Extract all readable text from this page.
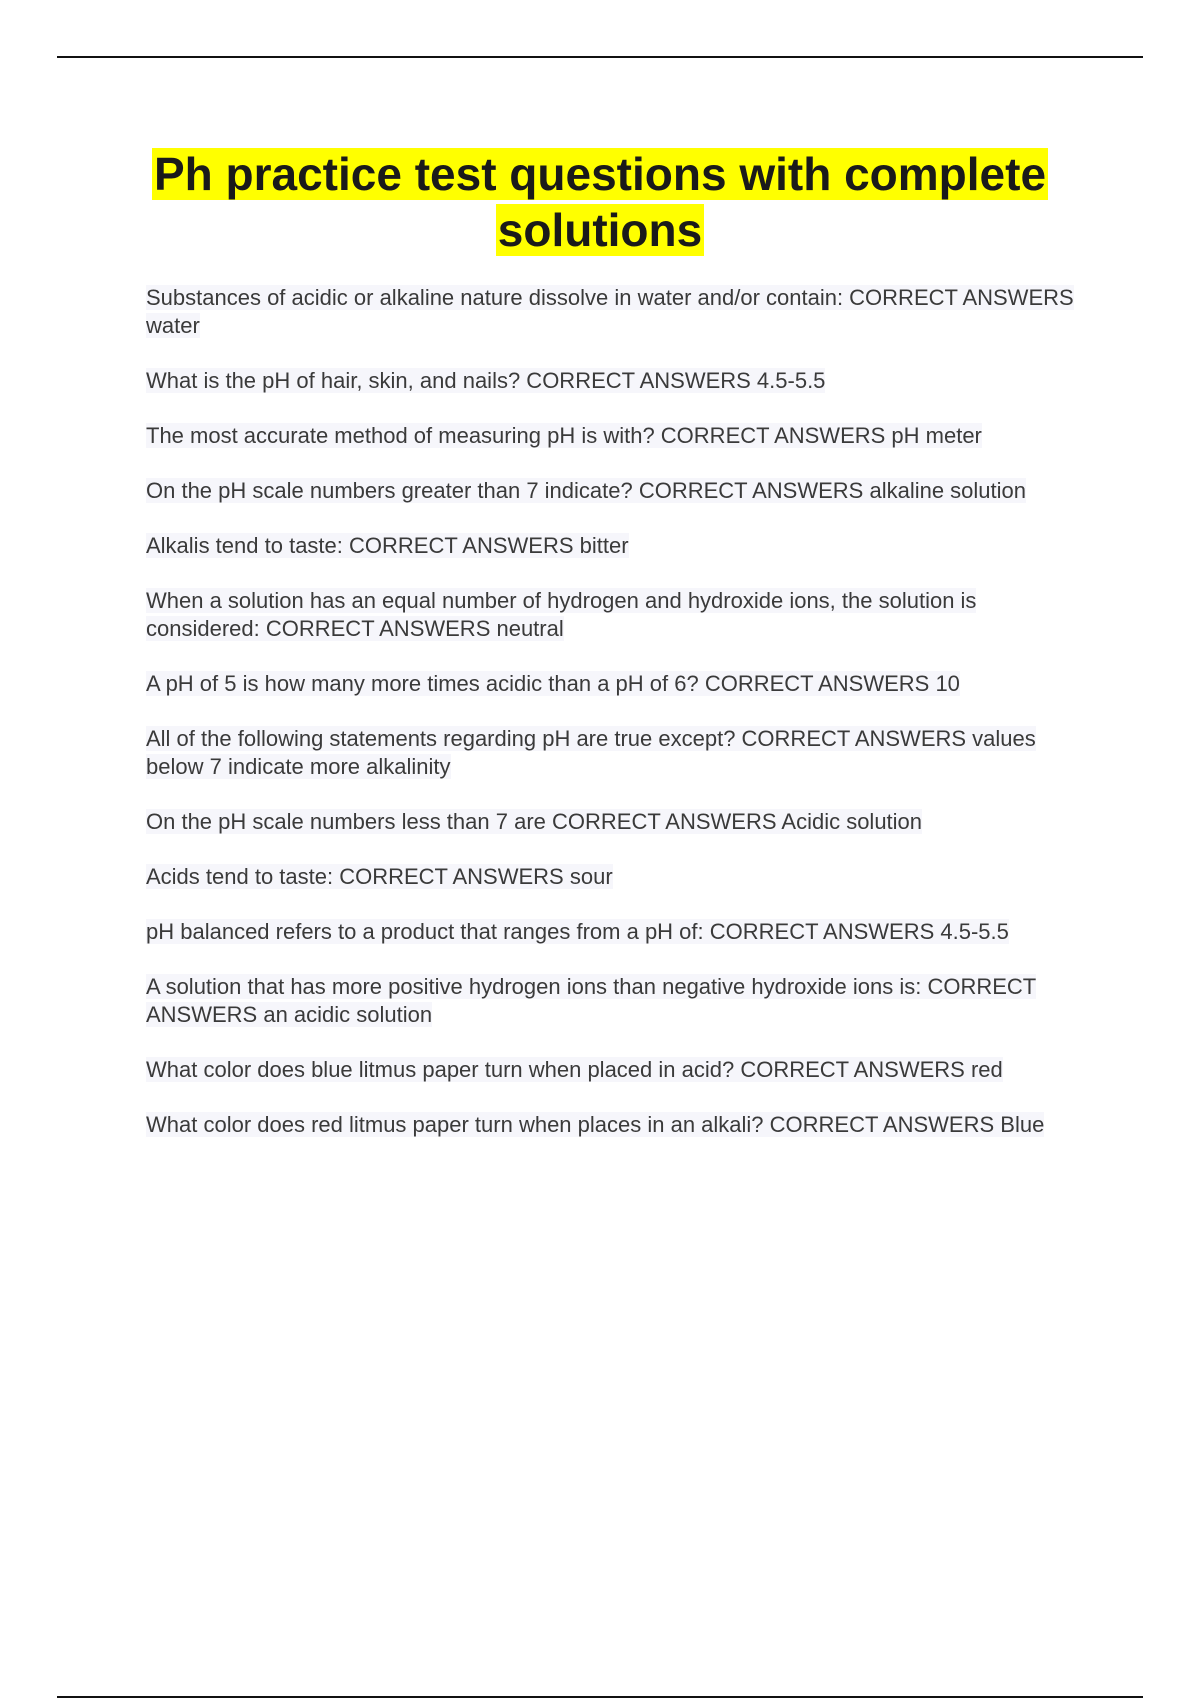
Ph practice test questions with complete solutions
Substances of acidic or alkaline nature dissolve in water and/or contain: CORRECT ANSWERS water
What is the pH of hair, skin, and nails? CORRECT ANSWERS 4.5-5.5
The most accurate method of measuring pH is with? CORRECT ANSWERS pH meter
On the pH scale numbers greater than 7 indicate? CORRECT ANSWERS alkaline solution
Alkalis tend to taste: CORRECT ANSWERS bitter
When a solution has an equal number of hydrogen and hydroxide ions, the solution is considered: CORRECT ANSWERS neutral
A pH of 5 is how many more times acidic than a pH of 6? CORRECT ANSWERS 10
All of the following statements regarding pH are true except? CORRECT ANSWERS values below 7 indicate more alkalinity
On the pH scale numbers less than 7 are CORRECT ANSWERS Acidic solution
Acids tend to taste: CORRECT ANSWERS sour
pH balanced refers to a product that ranges from a pH of: CORRECT ANSWERS 4.5-5.5
A solution that has more positive hydrogen ions than negative hydroxide ions is: CORRECT ANSWERS an acidic solution
What color does blue litmus paper turn when placed in acid? CORRECT ANSWERS red
What color does red litmus paper turn when places in an alkali? CORRECT ANSWERS Blue
